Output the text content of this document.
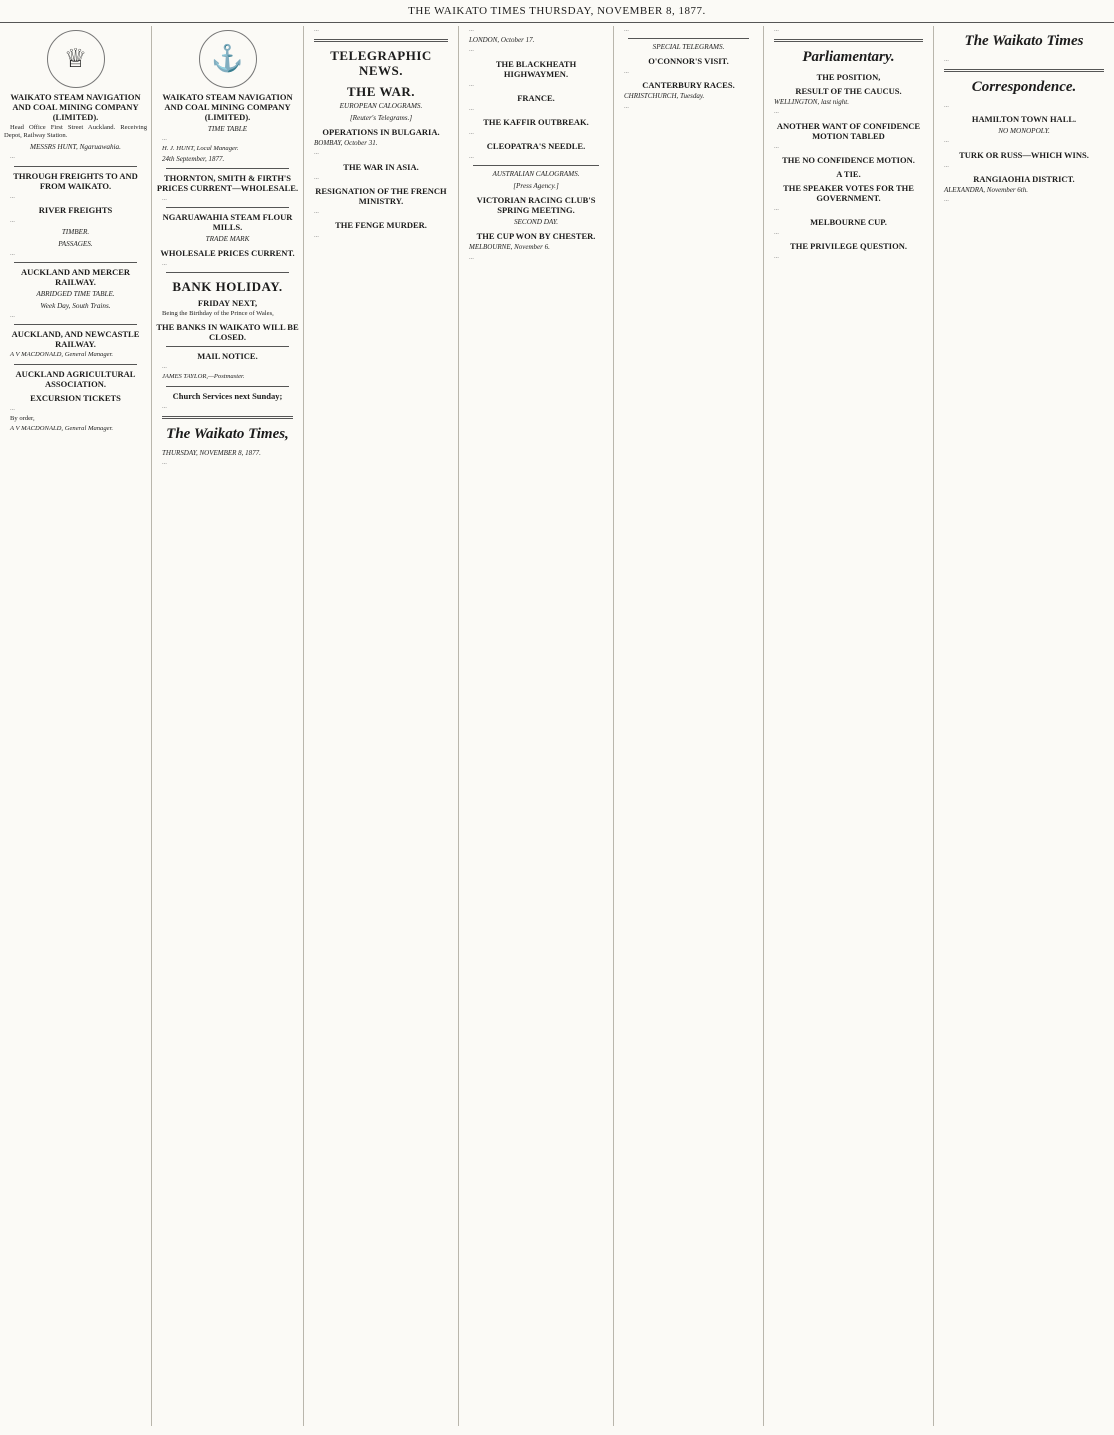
THE WAIKATO TIMES THURSDAY, NOVEMBER 8, 1877.
♕
WAIKATO STEAM NAVIGATION AND COAL MINING COMPANY (LIMITED).

Head Office First Street Auckland. Receiving Depot, Railway Station.

MESSRS HUNT, Ngaruawahia.

...

THROUGH FREIGHTS TO AND FROM WAIKATO.

...

RIVER FREIGHTS

...

TIMBER.
PASSAGES.

...

AUCKLAND AND MERCER RAILWAY.
ABRIDGED TIME TABLE.
Week Day, South Trains.

...

AUCKLAND, AND NEWCASTLE RAILWAY.

A V MACDONALD, General Manager.

AUCKLAND AGRICULTURAL ASSOCIATION.
EXCURSION TICKETS

...

By order,

A V MACDONALD, General Manager.

⚓
WAIKATO STEAM NAVIGATION AND COAL MINING COMPANY (LIMITED).
TIME TABLE

...

H. J. HUNT, Local Manager.

24th September, 1877.

THORNTON, SMITH & FIRTH'S PRICES CURRENT—WHOLESALE.

...

NGARUAWAHIA STEAM FLOUR MILLS.
TRADE MARK
WHOLESALE PRICES CURRENT.

...

BANK HOLIDAY.
FRIDAY NEXT,

Being the Birthday of the Prince of Wales,

THE BANKS IN WAIKATO WILL BE CLOSED.
MAIL NOTICE.

...

JAMES TAYLOR,—Postmaster.

Church Services next Sunday;

...

The Waikato Times,

THURSDAY, NOVEMBER 8, 1877.

...

...

TELEGRAPHIC NEWS.
THE WAR.
EUROPEAN CALOGRAMS.
[Reuter's Telegrams.]
OPERATIONS IN BULGARIA.

BOMBAY, October 31.

...

THE WAR IN ASIA.

...

RESIGNATION OF THE FRENCH MINISTRY.

...

THE FENGE MURDER.

...

...

LONDON, October 17.

...

THE BLACKHEATH HIGHWAYMEN.

...

FRANCE.

...

THE KAFFIR OUTBREAK.

...

CLEOPATRA'S NEEDLE.

...

AUSTRALIAN CALOGRAMS.
[Press Agency.]
VICTORIAN RACING CLUB'S SPRING MEETING.
SECOND DAY.
THE CUP WON BY CHESTER.

MELBOURNE, November 6.

...

...

SPECIAL TELEGRAMS.
O'CONNOR'S VISIT.

...

CANTERBURY RACES.

CHRISTCHURCH, Tuesday.

...

...

Parliamentary.
THE POSITION,
RESULT OF THE CAUCUS.

WELLINGTON, last night.

...

ANOTHER WANT OF CONFIDENCE MOTION TABLED

...

THE NO CONFIDENCE MOTION.
A TIE.
THE SPEAKER VOTES FOR THE GOVERNMENT.

...

MELBOURNE CUP.

...

THE PRIVILEGE QUESTION.

...

The Waikato Times

...

Correspondence.

...

HAMILTON TOWN HALL.
NO MONOPOLY.

...

TURK OR RUSS—WHICH WINS.

...

RANGIAOHIA DISTRICT.

ALEXANDRA, November 6th.

...
